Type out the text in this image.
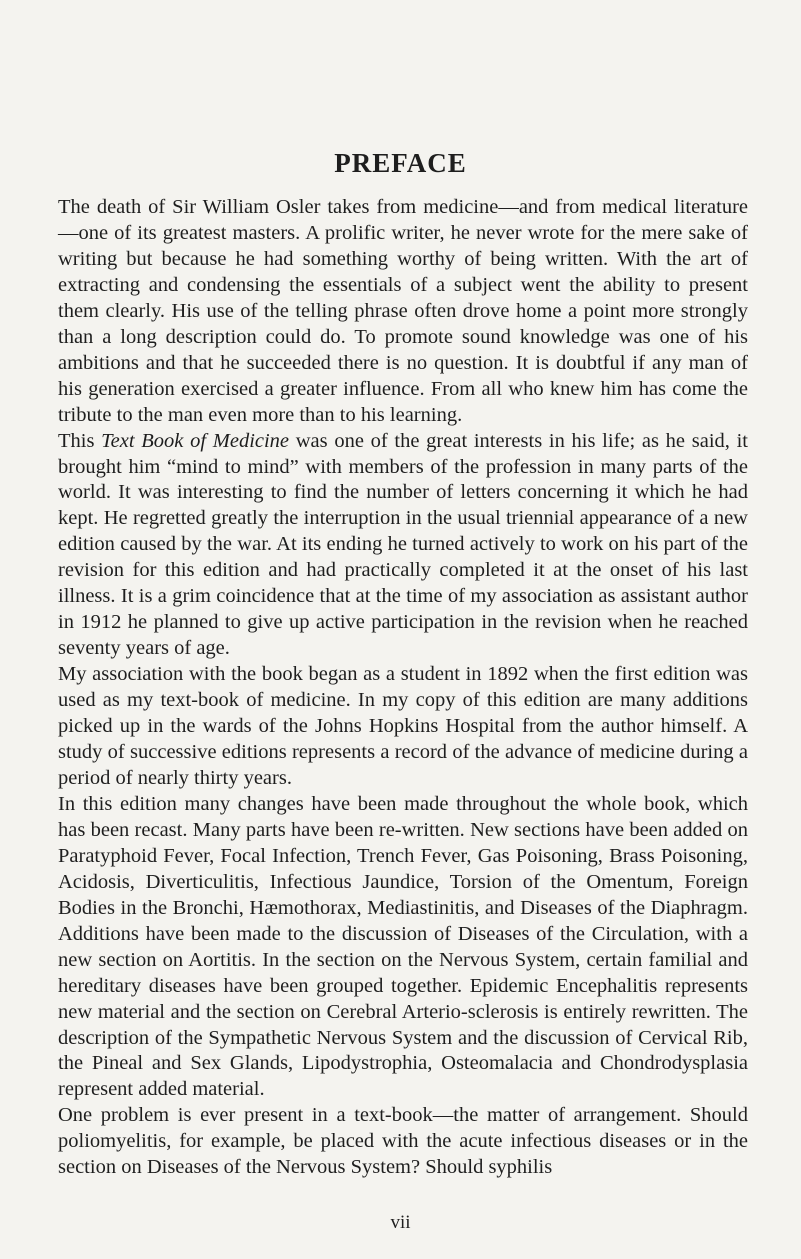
PREFACE

The death of Sir William Osler takes from medicine—and from medical literature—one of its greatest masters. A prolific writer, he never wrote for the mere sake of writing but because he had something worthy of being written. With the art of extracting and condensing the essentials of a subject went the ability to present them clearly. His use of the telling phrase often drove home a point more strongly than a long description could do. To promote sound knowledge was one of his ambitions and that he succeeded there is no question. It is doubtful if any man of his generation exercised a greater influence. From all who knew him has come the tribute to the man even more than to his learning.

This Text Book of Medicine was one of the great interests in his life; as he said, it brought him “mind to mind” with members of the profession in many parts of the world. It was interesting to find the number of letters concerning it which he had kept. He regretted greatly the interruption in the usual triennial appearance of a new edition caused by the war. At its ending he turned actively to work on his part of the revision for this edition and had practically completed it at the onset of his last illness. It is a grim coincidence that at the time of my association as assistant author in 1912 he planned to give up active participation in the revision when he reached seventy years of age.

My association with the book began as a student in 1892 when the first edition was used as my text-book of medicine. In my copy of this edition are many additions picked up in the wards of the Johns Hopkins Hospital from the author himself. A study of successive editions represents a record of the advance of medicine during a period of nearly thirty years.

In this edition many changes have been made throughout the whole book, which has been recast. Many parts have been re-written. New sections have been added on Paratyphoid Fever, Focal Infection, Trench Fever, Gas Poisoning, Brass Poisoning, Acidosis, Diverticulitis, Infectious Jaundice, Torsion of the Omentum, Foreign Bodies in the Bronchi, Hæmothorax, Mediastinitis, and Diseases of the Diaphragm. Additions have been made to the discussion of Diseases of the Circulation, with a new section on Aortitis. In the section on the Nervous System, certain familial and hereditary diseases have been grouped together. Epidemic Encephalitis represents new material and the section on Cerebral Arterio-sclerosis is entirely rewritten. The description of the Sympathetic Nervous System and the discussion of Cervical Rib, the Pineal and Sex Glands, Lipodystrophia, Osteomalacia and Chondrodysplasia represent added material.

One problem is ever present in a text-book—the matter of arrangement. Should poliomyelitis, for example, be placed with the acute infectious diseases or in the section on Diseases of the Nervous System? Should syphilis

vii
